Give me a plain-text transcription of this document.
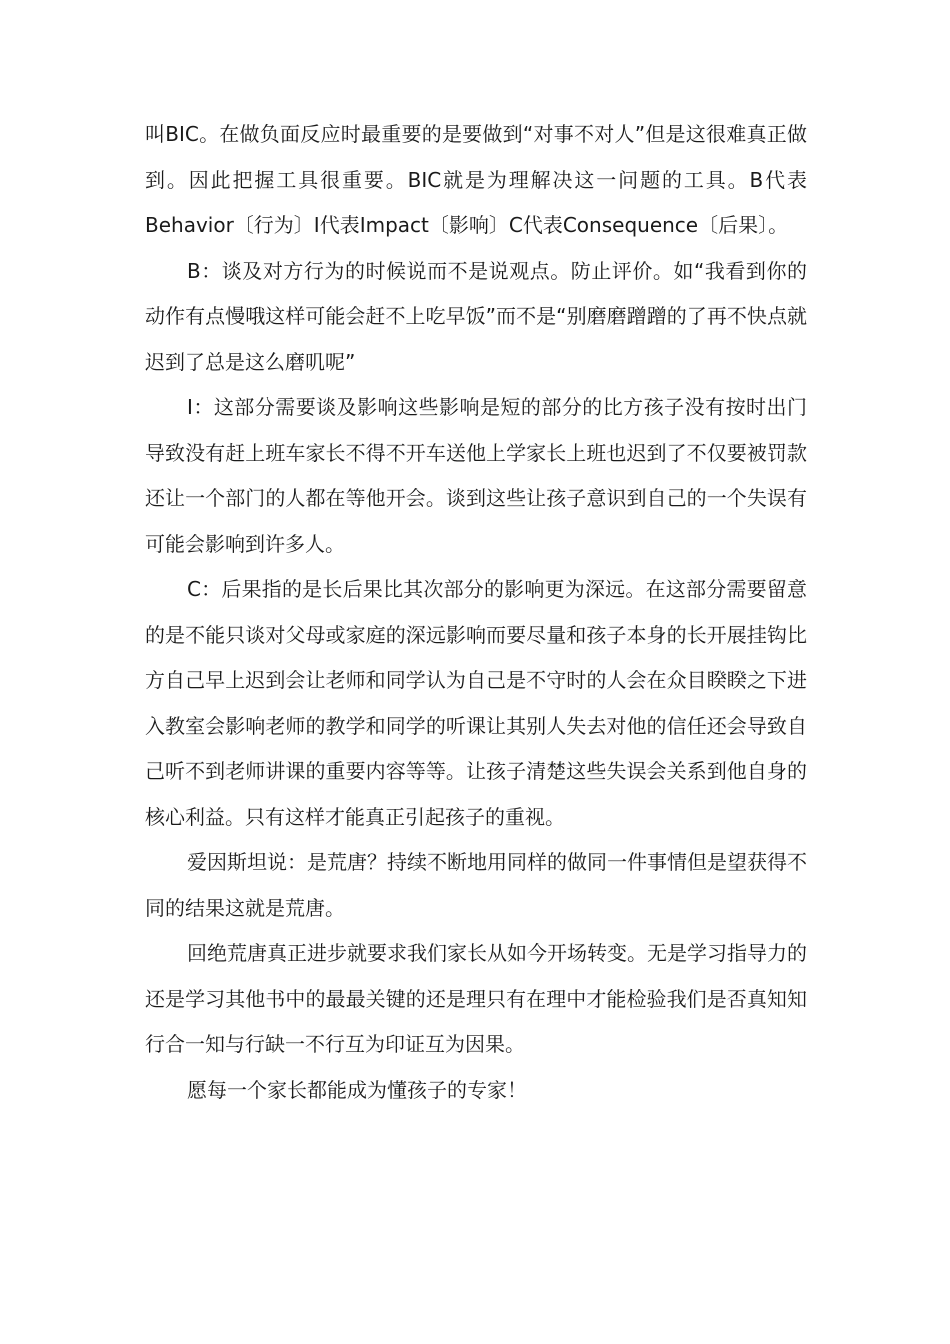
叫BIC。在做负面反应时最重要的是要做到“对事不对人”但是这很难真正做到。因此把握工具很重要。BIC就是为理解决这一问题的工具。B代表Behavior〔行为〕I代表Impact〔影响〕C代表Consequence〔后果〕。

B：谈及对方行为的时候说而不是说观点。防止评价。如“我看到你的动作有点慢哦这样可能会赶不上吃早饭”而不是“别磨磨蹭蹭的了再不快点就迟到了总是这么磨叽呢”

I：这部分需要谈及影响这些影响是短的部分的比方孩子没有按时出门导致没有赶上班车家长不得不开车送他上学家长上班也迟到了不仅要被罚款还让一个部门的人都在等他开会。谈到这些让孩子意识到自己的一个失误有可能会影响到许多人。

C：后果指的是长后果比其次部分的影响更为深远。在这部分需要留意的是不能只谈对父母或家庭的深远影响而要尽量和孩子本身的长开展挂钩比方自己早上迟到会让老师和同学认为自己是不守时的人会在众目睽睽之下进入教室会影响老师的教学和同学的听课让其别人失去对他的信任还会导致自己听不到老师讲课的重要内容等等。让孩子清楚这些失误会关系到他自身的核心利益。只有这样才能真正引起孩子的重视。

爱因斯坦说：是荒唐？持续不断地用同样的做同一件事情但是望获得不同的结果这就是荒唐。

回绝荒唐真正进步就要求我们家长从如今开场转变。无是学习指导力的还是学习其他书中的最最关键的还是理只有在理中才能检验我们是否真知知行合一知与行缺一不行互为印证互为因果。

愿每一个家长都能成为懂孩子的专家！
